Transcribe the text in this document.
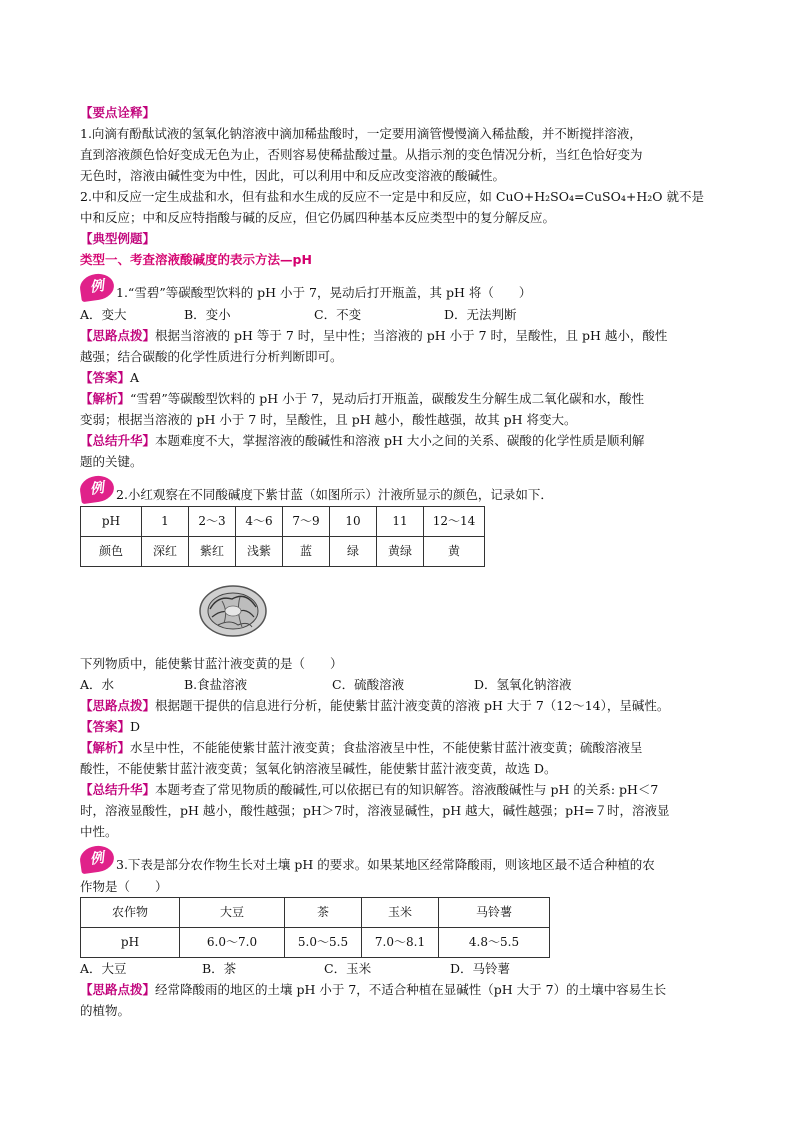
【要点诠释】

1.向滴有酚酞试液的氢氧化钠溶液中滴加稀盐酸时，一定要用滴管慢慢滴入稀盐酸，并不断搅拌溶液，

直到溶液颜色恰好变成无色为止，否则容易使稀盐酸过量。从指示剂的变色情况分析，当红色恰好变为

无色时，溶液由碱性变为中性，因此，可以利用中和反应改变溶液的酸碱性。

2.中和反应一定生成盐和水，但有盐和水生成的反应不一定是中和反应，如 CuO+H₂SO₄=CuSO₄+H₂O 就不是

中和反应；中和反应特指酸与碱的反应，但它仍属四种基本反应类型中的复分解反应。

【典型例题】

类型一、考查溶液酸碱度的表示方法—pH

例 1.“雪碧”等碳酸型饮料的 pH 小于 7，晃动后打开瓶盖，其 pH 将（　　）
A．变大	B．变小	C．不变	D．无法判断

【思路点拨】根据当溶液的 pH 等于 7 时，呈中性；当溶液的 pH 小于 7 时，呈酸性，且 pH 越小，酸性

越强；结合碳酸的化学性质进行分析判断即可。

【答案】A

【解析】“雪碧”等碳酸型饮料的 pH 小于 7，晃动后打开瓶盖，碳酸发生分解生成二氧化碳和水，酸性

变弱；根据当溶液的 pH 小于 7 时，呈酸性，且 pH 越小，酸性越强，故其 pH 将变大。

【总结升华】本题难度不大，掌握溶液的酸碱性和溶液 pH 大小之间的关系、碳酸的化学性质是顺利解

题的关键。

例 2.小红观察在不同酸碱度下紫甘蓝（如图所示）汁液所显示的颜色，记录如下．
pH	1	2～3	4～6	7～9	10	11	12～14
颜色	深红	紫红	浅紫	蓝	绿	黄绿	黄

下列物质中，能使紫甘蓝汁液变黄的是（　　）

A．水	B.食盐溶液	C．硫酸溶液	D．氢氧化钠溶液

【思路点拨】根据题干提供的信息进行分析，能使紫甘蓝汁液变黄的溶液 pH 大于 7（12～14），呈碱性。

【答案】D

【解析】水呈中性，不能能使紫甘蓝汁液变黄；食盐溶液呈中性，不能使紫甘蓝汁液变黄；硫酸溶液呈

酸性，不能使紫甘蓝汁液变黄；氢氧化钠溶液呈碱性，能使紫甘蓝汁液变黄，故选 D。

【总结升华】本题考查了常见物质的酸碱性,可以依据已有的知识解答。溶液酸碱性与 pH 的关系: pH＜7

时，溶液显酸性，pH 越小，酸性越强；pH＞7时，溶液显碱性，pH 越大，碱性越强；pH=７时，溶液显

中性。

例 3.下表是部分农作物生长对土壤 pH 的要求。如果某地区经常降酸雨，则该地区最不适合种植的农

作物是（　　）

农作物	大豆	茶	玉米	马铃薯
pH	6.0～7.0	5.0～5.5	7.0～8.1	4.8～5.5
A．大豆	B．茶	C．玉米	D．马铃薯

【思路点拨】经常降酸雨的地区的土壤 pH 小于 7，不适合种植在显碱性（pH 大于 7）的土壤中容易生长

的植物。
